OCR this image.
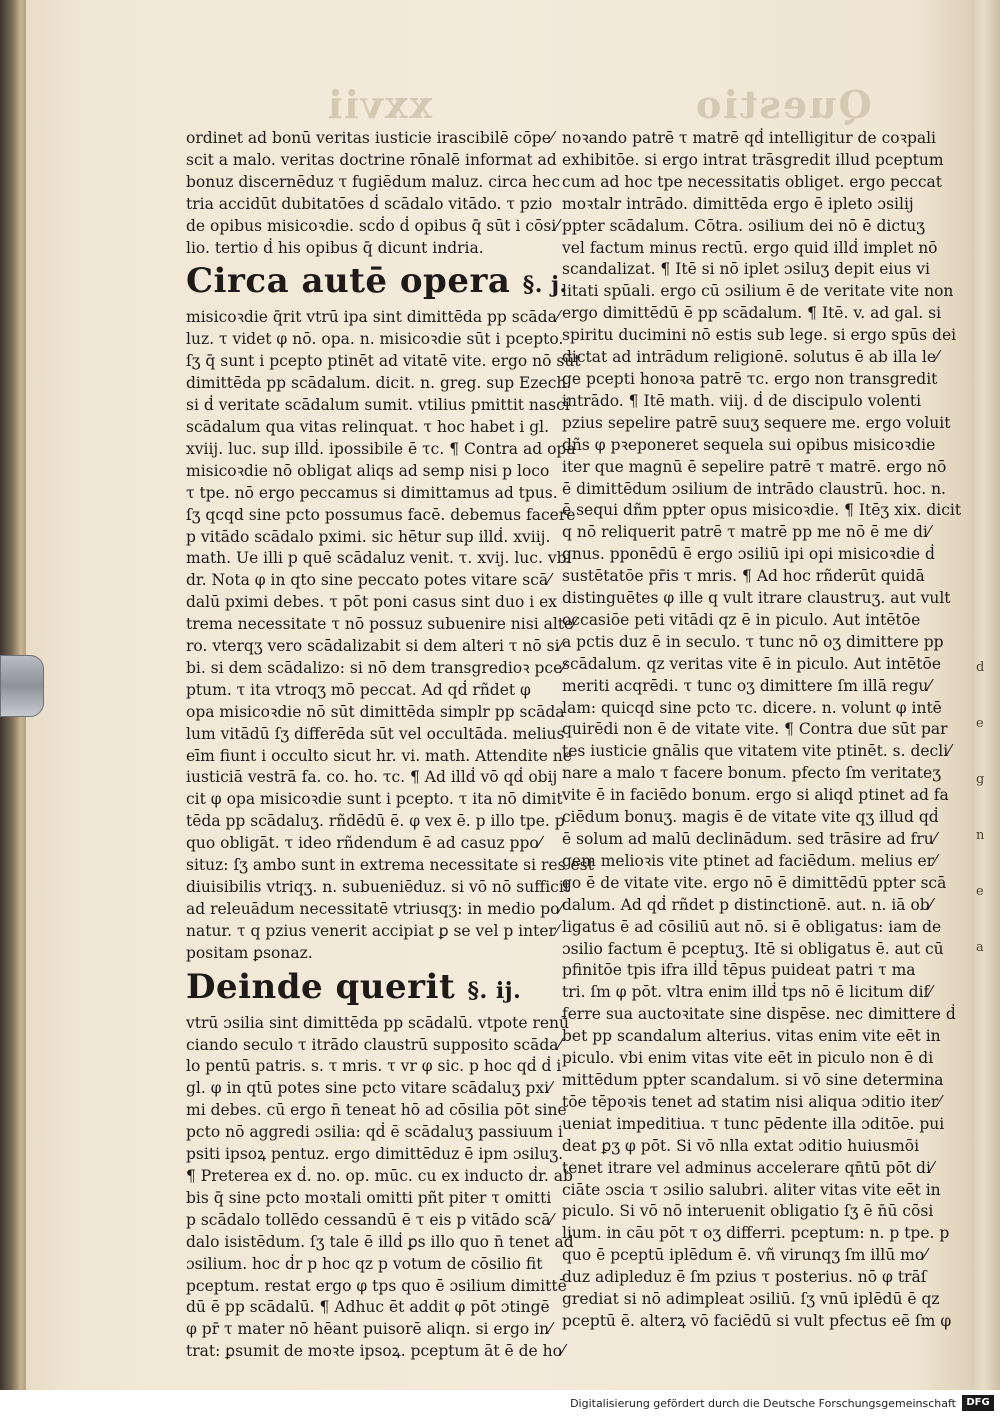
xxvii	Questio
d
e
g
n
e
a

ordinet ad bonū veritas iusticie irascibilē cōpe⁄

scit a malo. veritas doctrine rōnalē informat ad

bonuz discernēduz τ fugiēdum maluz. circa hec

tria accidūt dubitatōes ḋ scādalo vitādo. τ pzio

de opibus misicoꝛdie. scḋo ḋ opibus q̄ sūt i cōsi⁄

lio. tertio ḋ his opibus q̄ dicunt indria.

Circa autē opera §. j.

misicoꝛdie q̄rit vtrū ipa sint dimittēda pp scāda⁄

luz. τ videt φ nō. opa. n. misicoꝛdie sūt i pcepto.

ſʒ q̄ sunt i pcepto ptinēt ad vitatē vite. ergo nō sūt

dimittēda pp scādalum. dicit. n. greg. sup Ezech.

si ḋ veritate scādalum sumit. vtilius pmittit nasci

scādalum qua vitas relinquat. τ hoc habet i gl.

xviij. luc. sup illḋ. ipossibile ē τc. ¶ Contra ad opa

misicoꝛdie nō obligat aliqs ad semp nisi p loco

τ tpe. nō ergo peccamus si dimittamus ad tpus.

ſʒ qcqd sine pcto possumus facē. debemus facere

p vitādo scādalo pximi. sic hētur sup illḋ. xviij.

math. Ue illi p quē scādaluz venit. τ. xvij. luc. vbi

dr. Nota φ in qto sine peccato potes vitare scā⁄

dalū pximi debes. τ pōt poni casus sint duo i ex

trema necessitate τ nō possuz subuenire nisi alte⁄

ro. vterqʒ vero scādalizabit si dem alteri τ nō si⁄

bi. si dem scādalizo: si nō dem transgredioꝛ pce⁄

ptum. τ ita vtroqʒ mō peccat. Ad qḋ rñdet φ

opa misicoꝛdie nō sūt dimittēda simplr pp scāda

lum vitādū ſʒ differēda sūt vel occultāda. melius

eīm fiunt i occulto sicut hr. vi. math. Attendite ne

iusticiā vestrā fa. co. ho. τc. ¶ Ad illḋ vō qḋ obij

cit φ opa misicoꝛdie sunt i pcepto. τ ita nō dimit

tēda pp scādaluʒ. rñdēdū ē. φ vex ē. p illo tpe. p

quo obligāt. τ ideo rñdendum ē ad casuz ppo⁄

situz: ſʒ ambo sunt in extrema necessitate si res est

diuisibilis vtriqʒ. n. subueniēduz. si vō nō sufficit

ad releuādum necessitatē vtriusqʒ: in medio po⁄

natur. τ q pzius venerit accipiat ꝑ se vel p inter⁄

positam ꝑsonaz.

Deinde querit §. ij.

vtrū ɔsilia sint dimittēda pp scādalū. vtpote renū

ciando seculo τ itrādo claustrū supposito scāda⁄

lo pentū patris. s. τ mris. τ vr φ sic. p hoc qḋ ḋ i

gl. φ in qtū potes sine pcto vitare scādaluʒ pxi⁄

mi debes. cū ergo n̄ teneat hō ad cōsilia pōt sine

pcto nō aggredi ɔsilia: qḋ ē scādaluʒ passiuum i

psiti ipsoꝝ pentuz. ergo dimittēduz ē ipm ɔsiluʒ.

¶ Preterea ex ḋ. no. op. mūc. cu ex inducto ḋr. ab

bis q̄ sine pcto moꝛtali omitti pñt piter τ omitti

p scādalo tollēdo cessandū ē τ eis p vitādo scā⁄

dalo isistēdum. ſʒ tale ē illḋ ꝑs illo quo n̄ tenet ad

ɔsilium. hoc ḋr p hoc qz p votum de cōsilio fit

pceptum. restat ergo φ tps quo ē ɔsilium dimittē

dū ē pp scādalū. ¶ Adhuc ēt addit φ pōt ɔtingē

φ pr̄ τ mater nō hēant puisorē aliqn. si ergo in⁄

trat: ꝑsumit de moꝛte ipsoꝝ. pceptum āt ē de ho⁄

noꝛando patrē τ matrē qḋ intelligitur de coꝛpali

exhibitōe. si ergo intrat trāsgredit illud pceptum

cum ad hoc tpe necessitatis obliget. ergo peccat

moꝛtalr intrādo. dimittēda ergo ē ipleto ɔsilij

ppter scādalum. Cōtra. ɔsilium dei nō ē dictuʒ

vel factum minus rectū. ergo quid illḋ implet nō

scandalizat. ¶ Itē si nō iplet ɔsiluʒ depit eius vi

litati spūali. ergo cū ɔsilium ē de veritate vite non

ergo dimittēdū ē pp scādalum. ¶ Itē. v. ad gal. si

spiritu ducimini nō estis sub lege. si ergo spūs dei

dictat ad intrādum religionē. solutus ē ab illa le⁄

ge pcepti honoꝛa patrē τc. ergo non transgredit

intrādo. ¶ Itē math. viij. ḋ de discipulo volenti

pzius sepelire patrē suuʒ sequere me. ergo voluit

dñs φ pꝛeponeret sequela sui opibus misicoꝛdie

iter que magnū ē sepelire patrē τ matrē. ergo nō

ē dimittēdum ɔsilium de intrādo claustrū. hoc. n.

ē sequi dñm ppter opus misicoꝛdie. ¶ Itēʒ xix. dicit

q nō reliquerit patrē τ matrē pp me nō ē me di⁄

gnus. pponēdū ē ergo ɔsiliū ipi opi misicoꝛdie ḋ

sustētatōe pr̄is τ mris. ¶ Ad hoc rñderūt quidā

distinguētes φ ille q vult itrare claustruʒ. aut vult

occasiōe peti vitādi qz ē in piculo. Aut intētōe

a pctis duz ē in seculo. τ tunc nō oʒ dimittere pp

scādalum. qz veritas vite ē in piculo. Aut intētōe

meriti acqrēdi. τ tunc oʒ dimittere ſm illā regu⁄

lam: quicqd sine pcto τc. dicere. n. volunt φ intē

quirēdi non ē de vitate vite. ¶ Contra due sūt par

tes iusticie gnālis que vitatem vite ptinēt. s. decli⁄

nare a malo τ facere bonum. pfecto ſm veritateʒ

vite ē in faciēdo bonum. ergo si aliqd ptinet ad fa

ciēdum bonuʒ. magis ē de vitate vite qʒ illud qḋ

ē solum ad malū declinādum. sed trāsire ad fru⁄

gem melioꝛis vite ptinet ad faciēdum. melius er⁄

go ē de vitate vite. ergo nō ē dimittēdū ppter scā

dalum. Ad qḋ rñdet p distinctionē. aut. n. iā ob⁄

ligatus ē ad cōsiliū aut nō. si ē obligatus: iam de

ɔsilio factum ē pceptuʒ. Itē si obligatus ē. aut cū

pfinitōe tpis ifra illḋ tēpus puideat patri τ ma

tri. ſm φ pōt. vltra enim illḋ tps nō ē licitum dif⁄

ferre sua auctoꝛitate sine dispēse. nec dimittere ḋ

bet pp scandalum alterius. vitas enim vite eēt in

piculo. vbi enim vitas vite eēt in piculo non ē di

mittēdum ppter scandalum. si vō sine determina

tōe tēpoꝛis tenet ad statim nisi aliqua ɔditio iter⁄

ueniat impeditiua. τ tunc pēdente illa ɔditōe. pui

deat ꝑʒ φ pōt. Si vō nlla extat ɔditio huiusmōi

tenet itrare vel adminus accelerare qn̄tū pōt di⁄

ciāte ɔscia τ ɔsilio salubri. aliter vitas vite eēt in

piculo. Si vō nō interuenit obligatio ſʒ ē n̄ū cōsi

lium. in cāu pōt τ oʒ differri. pceptum: n. p tpe. p

quo ē pceptū iplēdum ē. vñ virunqʒ ſm illū mo⁄

duz adipleduz ē ſm pzius τ posterius. nō φ trāſ

grediat si nō adimpleat ɔsiliū. ſʒ vnū iplēdū ē qz

pceptū ē. alterꝝ vō faciēdū si vult pfectus eē ſm φ

Digitalisierung gefördert durch die Deutsche Forschungsgemeinschaft	DFG
